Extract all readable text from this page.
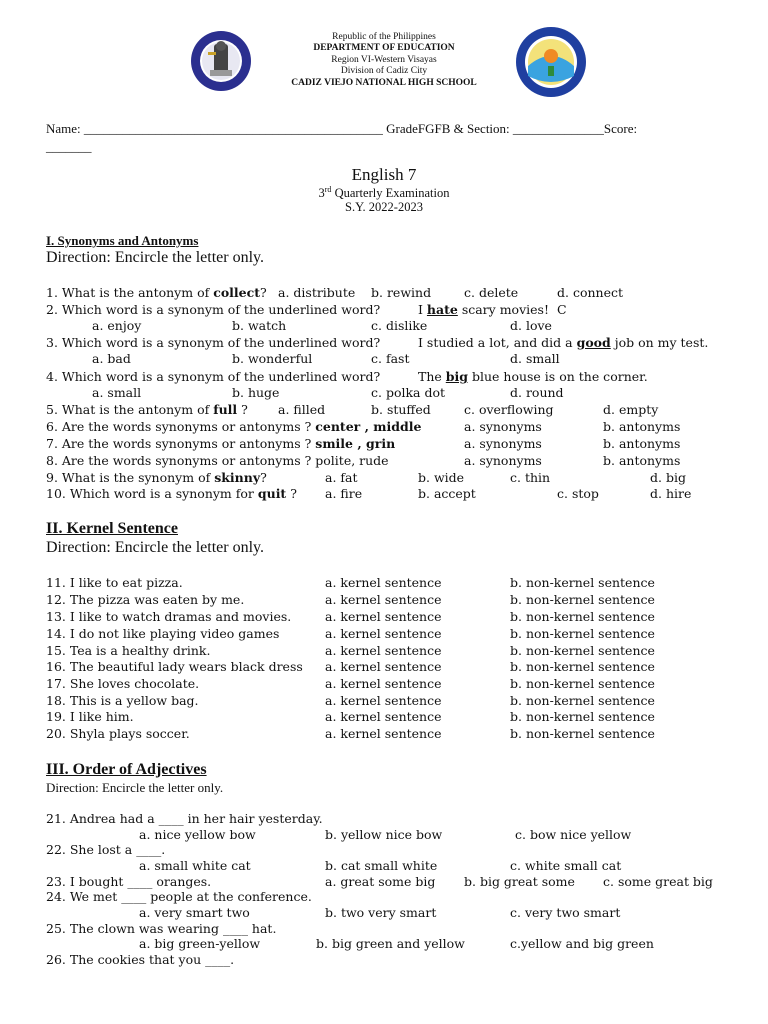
Republic of the Philippines
DEPARTMENT OF EDUCATION
Region VI-Western Visayas
Division of Cadiz City
CADIZ VIEJO NATIONAL HIGH SCHOOL
Name: ______________________________________________ GradeFGFB & Section: ______________Score:
_______
English 7
3rd Quarterly Examination
S.Y. 2022-2023
I. Synonyms and Antonyms
Direction: Encircle the letter only.
1. What is the antonym of collect? a. distribute b. rewind	c. delete	d. connect
2. Which word is a synonym of the underlined word?	I hate scary movies! C
a. enjoy	b. watch	c. dislike	d. love
3. Which word is a synonym of the underlined word?	I studied a lot, and did a good job on my test.
a. bad	b. wonderful	c. fast	d. small
4. Which word is a synonym of the underlined word?	The big blue house is on the corner.
a. small	b. huge	c. polka dot	d. round
5. What is the antonym of full ? a. filled	b. stuffed	c. overflowing	d. empty
6. Are the words synonyms or antonyms ? center , middle	a. synonyms	b. antonyms
7. Are the words synonyms or antonyms ? smile , grin	a. synonyms	b. antonyms
8. Are the words synonyms or antonyms ? polite, rude	a. synonyms	b. antonyms
9. What is the synonym of skinny?	a. fat	b. wide	c. thin	d. big
10. Which word is a synonym for quit ? a. fire	b. accept	c. stop	d. hire
II. Kernel Sentence
Direction: Encircle the letter only.
11. I like to eat pizza.	a. kernel sentence	b. non-kernel sentence
12. The pizza was eaten by me.	a. kernel sentence	b. non-kernel sentence
13. I like to watch dramas and movies.	a. kernel sentence	b. non-kernel sentence
14. I do not like playing video games	a. kernel sentence	b. non-kernel sentence
15. Tea is a healthy drink.	a. kernel sentence	b. non-kernel sentence
16. The beautiful lady wears black dress a. kernel sentence	b. non-kernel sentence
17. She loves chocolate.	a. kernel sentence	b. non-kernel sentence
18. This is a yellow bag.	a. kernel sentence	b. non-kernel sentence
19. I like him.	a. kernel sentence	b. non-kernel sentence
20. Shyla plays soccer.	a. kernel sentence	b. non-kernel sentence
III. Order of Adjectives
Direction: Encircle the letter only.
21. Andrea had a ____ in her hair yesterday.
a. nice yellow bow	b. yellow nice bow	c. bow nice yellow
22. She lost a ____.
a. small white cat	b. cat small white	c. white small cat
23. I bought ____ oranges.	a. great some big b. big great some c. some great big
24. We met ____ people at the conference.
a. very smart two	b. two very smart	c. very two smart
25. The clown was wearing ____ hat.
a. big green-yellow	b. big green and yellow	c.yellow and big green
26. The cookies that you ____.
